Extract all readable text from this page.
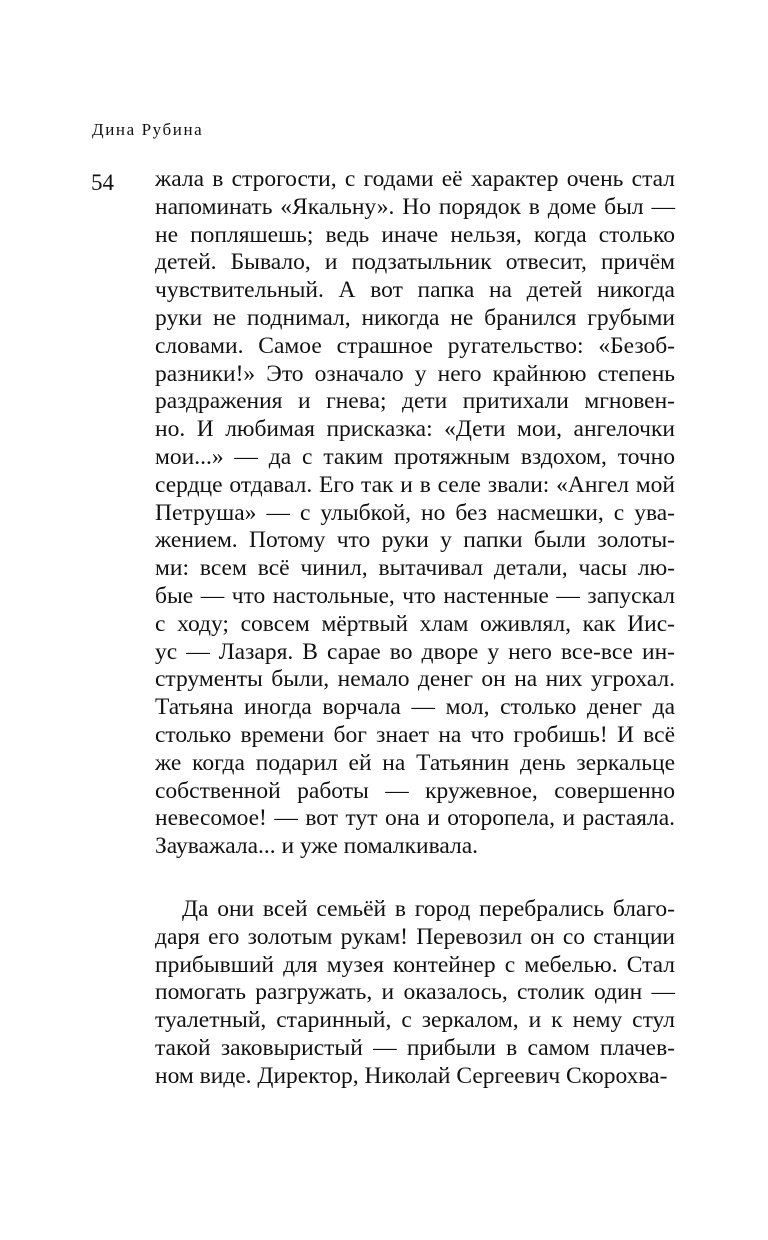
Дина Рубина
54 жала в строгости, с годами её характер очень стал
напоминать «Якальну». Но порядок в доме был —
не попляшешь; ведь иначе нельзя, когда столько
детей. Бывало, и подзатыльник отвесит, причём
чувствительный. А вот папка на детей никогда
руки не поднимал, никогда не бранился грубыми
словами. Самое страшное ругательство: «Безоб-
разники!» Это означало у него крайнюю степень
раздражения и гнева; дети притихали мгновен-
но. И любимая присказка: «Дети мои, ангелочки
мои...» — да с таким протяжным вздохом, точно
сердце отдавал. Его так и в селе звали: «Ангел мой
Петруша» — с улыбкой, но без насмешки, с ува-
жением. Потому что руки у папки были золоты-
ми: всем всё чинил, вытачивал детали, часы лю-
бые — что настольные, что настенные — запускал
с ходу; совсем мёртвый хлам оживлял, как Иис-
ус — Лазаря. В сарае во дворе у него все-все ин-
струменты были, немало денег он на них угрохал.
Татьяна иногда ворчала — мол, столько денег да
столько времени бог знает на что гробишь! И всё
же когда подарил ей на Татьянин день зеркальце
собственной работы — кружевное, совершенно
невесомое! — вот тут она и оторопела, и растаяла.
Зауважала... и уже помалкивала.
Да они всей семьёй в город перебрались благо-
даря его золотым рукам! Перевозил он со станции
прибывший для музея контейнер с мебелью. Стал
помогать разгружать, и оказалось, столик один —
туалетный, старинный, с зеркалом, и к нему стул
такой заковыристый — прибыли в самом плачев-
ном виде. Директор, Николай Сергеевич Скорохва-
